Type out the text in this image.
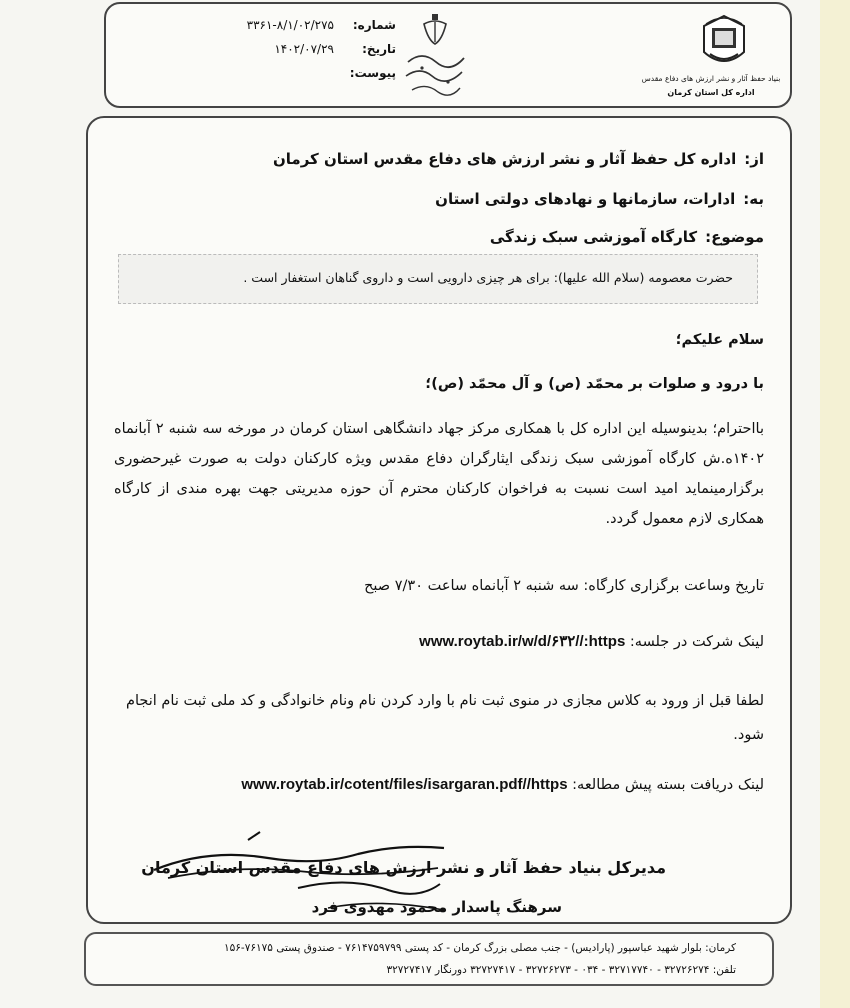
بنیاد حفظ آثار و نشر ارزش های دفاع مقدس
اداره کل استان کرمان
شماره:
۳۳۶۱-۸/۱/۰۲/۲۷۵
تاریخ:
۱۴۰۲/۰۷/۲۹
پیوست:
از:اداره کل حفظ آثار و نشر ارزش های دفاع مقدس استان کرمان
به:ادارات، سازمانها و نهادهای دولتی استان
موضوع:کارگاه آموزشی سبک زندگی
حضرت معصومه (سلام الله علیها): برای هر چیزی دارویی است و داروی گناهان استغفار است .
سلام علیکم؛
با درود و صلوات بر محمّد (ص) و آل محمّد (ص)؛
بااحترام؛ بدینوسیله این اداره کل با همکاری مرکز جهاد دانشگاهی استان کرمان در مورخه سه شنبه ۲ آبانماه ۱۴۰۲ه.ش کارگاه آموزشی سبک زندگی ایثارگران دفاع مقدس ویژه کارکنان دولت به صورت غیرحضوری برگزارمینماید امید است نسبت به فراخوان کارکنان محترم آن حوزه مدیریتی جهت بهره مندی از کارگاه همکاری لازم معمول گردد.
تاریخ وساعت برگزاری کارگاه: سه شنبه ۲ آبانماه ساعت ۷/۳۰ صبح
لینک شرکت در جلسه: www.roytab.ir/w/d/۶۳۲//:https
لطفا قبل از ورود به کلاس مجازی در منوی ثبت نام با وارد کردن نام ونام خانوادگی و کد ملی ثبت نام انجام شود.
لینک دریافت بسته پیش مطالعه: www.roytab.ir/cotent/files/isargaran.pdf//https
مدیرکل بنیاد حفظ آثار و نشر ارزش های دفاع مقدس استان کرمان
سرهنگ پاسدار محمود مهدوی فرد
کرمان: بلوار شهید عباسپور (پارادیس) - جنب مصلی بزرگ کرمان - کد پستی ۷۶۱۴۷۵۹۷۹۹ - صندوق پستی ۷۶۱۷۵-۱۵۶
تلفن: ۳۲۷۲۶۲۷۴ - ۳۲۷۱۷۷۴۰ - ۰۳۴ - ۳۲۷۲۶۲۷۳ - ۳۲۷۲۷۴۱۷ دورنگار ۳۲۷۲۷۴۱۷
